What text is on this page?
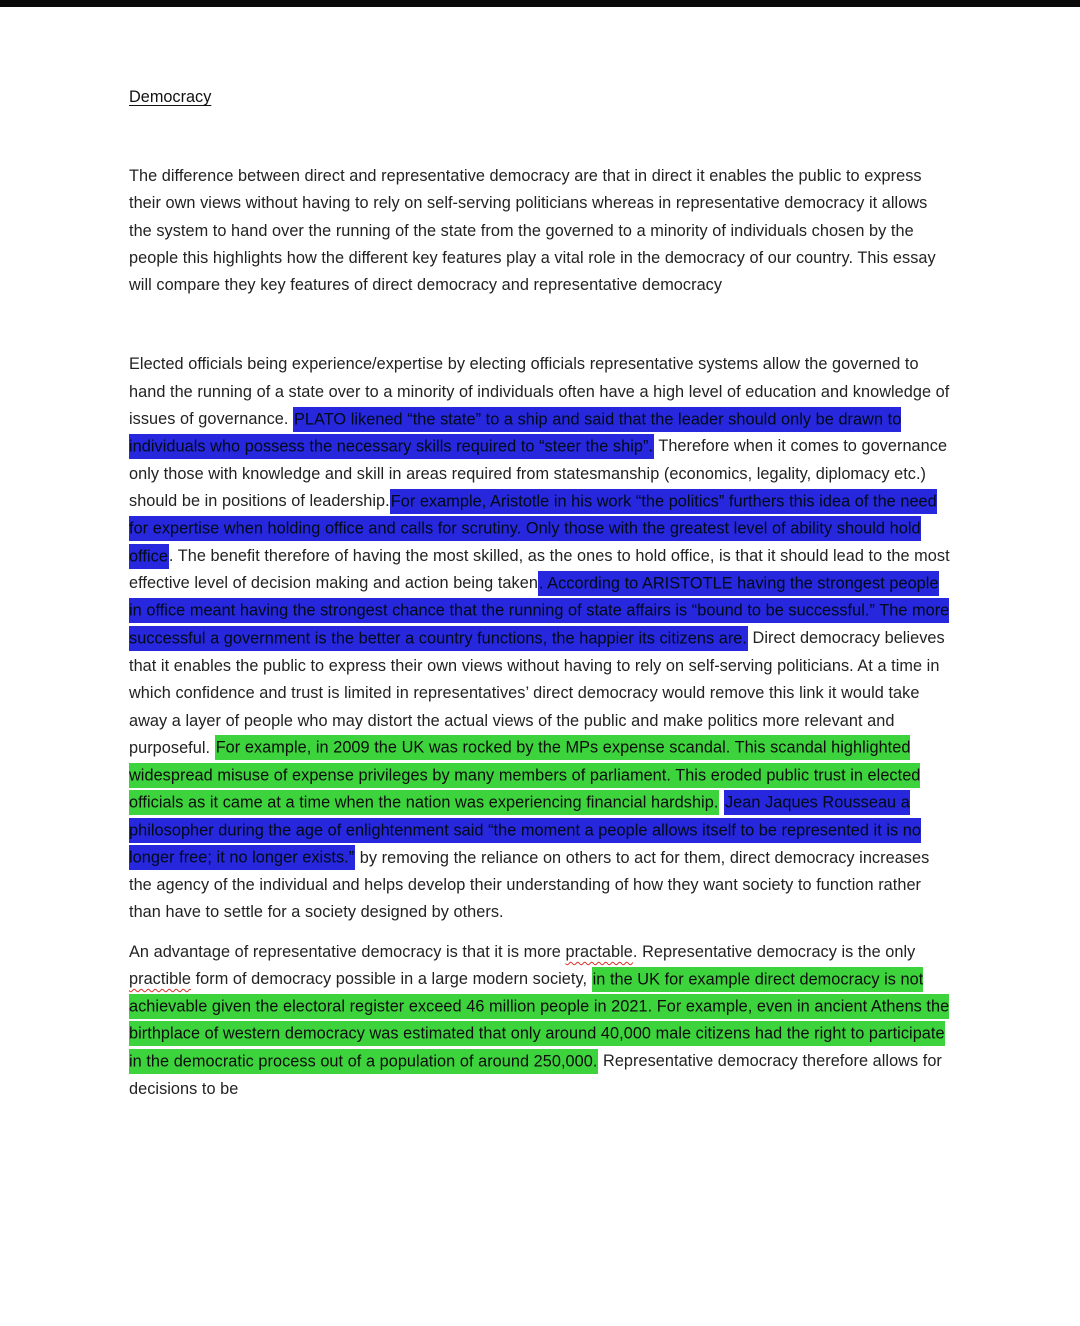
Democracy

The difference between direct and representative democracy are that in direct it enables the public to express their own views without having to rely on self-serving politicians whereas in representative democracy it allows the system to hand over the running of the state from the governed to a minority of individuals chosen by the people this highlights how the different key features play a vital role in the democracy of our country. This essay will compare they key features of direct democracy and representative democracy

Elected officials being experience/expertise by electing officials representative systems allow the governed to hand the running of a state over to a minority of individuals often have a high level of education and knowledge of issues of governance. PLATO likened “the state” to a ship and said that the leader should only be drawn to individuals who possess the necessary skills required to “steer the ship”. Therefore when it comes to governance only those with knowledge and skill in areas required from statesmanship (economics, legality, diplomacy etc.) should be in positions of leadership.For example, Aristotle in his work “the politics” furthers this idea of the need for expertise when holding office and calls for scrutiny. Only those with the greatest level of ability should hold office. The benefit therefore of having the most skilled, as the ones to hold office, is that it should lead to the most effective level of decision making and action being taken. According to ARISTOTLE having the strongest people in office meant having the strongest chance that the running of state affairs is “bound to be successful.” The more successful a government is the better a country functions, the happier its citizens are. Direct democracy believes that it enables the public to express their own views without having to rely on self-serving politicians. At a time in which confidence and trust is limited in representatives’ direct democracy would remove this link it would take away a layer of people who may distort the actual views of the public and make politics more relevant and purposeful. For example, in 2009 the UK was rocked by the MPs expense scandal. This scandal highlighted widespread misuse of expense privileges by many members of parliament. This eroded public trust in elected officials as it came at a time when the nation was experiencing financial hardship. Jean Jaques Rousseau a philosopher during the age of enlightenment said “the moment a people allows itself to be represented it is no longer free; it no longer exists.” by removing the reliance on others to act for them, direct democracy increases the agency of the individual and helps develop their understanding of how they want society to function rather than have to settle for a society designed by others.

An advantage of representative democracy is that it is more practable. Representative democracy is the only practible form of democracy possible in a large modern society, in the UK for example direct democracy is not achievable given the electoral register exceed 46 million people in 2021. For example, even in ancient Athens the birthplace of western democracy was estimated that only around 40,000 male citizens had the right to participate in the democratic process out of a population of around 250,000. Representative democracy therefore allows for decisions to be
